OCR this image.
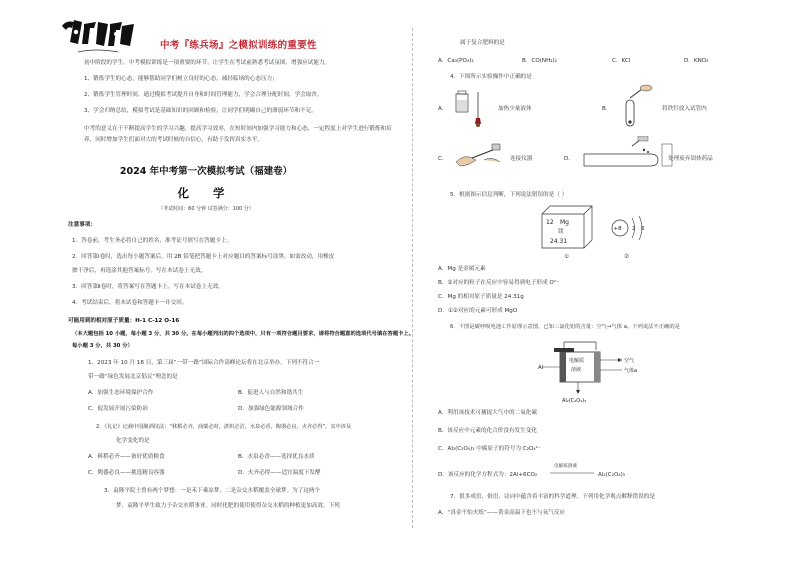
中考『练兵场』之模拟训练的重要性
初中阶段的学生，中考模拟训练是一项重要的环节，让学生在考试前熟悉考试氛围，增强应试能力。
1、锻炼学生的心态，能够帮助同学们树立良好的心态，减轻临场的心态压力；
2、锻炼学生管理时间。通过模拟考试提升自身和时间管理能力，学会合理分配时间，学会取舍。
3、学会归纳总结，模拟考试是基础知识的回顾和检验，让同学们明确自己的薄弱环节和不足。
中考的意义在于不断提高学生的学习兴趣，提高学习效率，在短时间内加强学习能力和心态，一定程度上对学生进行锻炼和培养，同时增加学生们面对大的考试时候的自信心，有助于发挥真实水平。
2024 年中考第一次模拟考试（福建卷）
化 学
（考试时间：60 分钟 试卷满分：100 分）
注意事项：
1．答卷前，考生务必将自己的姓名、准考证号填写在答题卡上。
2．回答第Ⅰ卷时，选出每小题答案后，用 2B 铅笔把答题卡上对应题目的答案标号涂黑。如需改动，用橡皮
擦干净后，再选涂其他答案标号。写在本试卷上无效。
3．回答第Ⅱ卷时，将答案写在答题卡上。写在本试卷上无效。
4．考试结束后，将本试卷和答题卡一并交回。
可能用到的相对原子质量：H-1 C-12 O-16
（本大题包括 10 小题，每小题 3 分，共 30 分。在每小题列出的四个选项中，只有一项符合题目要求，请将符合题意的选项代号填在答题卡上。
每小题 3 分，共 30 分）
1．2023 年 10 月 18 日，第三届“一带一路”国际合作高峰论坛将在北京举办。下列不符合一
带一路“绿色发展北京倡议”理念的是
A．加强生态环境保护合作	B．促进人与自然和谐共生
C．促发展开展污染防治	D．加强绿色能源领域合作
2．《礼记》记载中国酿酒技法：“秫稻必齐，曲蘖必时，湛炽必洁，水泉必香，陶器必良，火齐必得”。其中涉及
化学变化的是
A．秫稻必齐——备好优质粮食	B．水泉必香——选择优良水质
C．陶器必良——挑选精良容器	D．火齐必得——适宜温度下发酵
3．袁隆平院士曾有两个梦想：一是禾下乘凉梦，二是杂交水稻覆盖全球梦。为了这两个
梦，袁隆平毕生致力于杂交水稻事业。同时化肥的使用使得杂交水稻的种植更加高效。下列
属于复合肥料的是
A．Ca₃(PO₄)₂	B．CO(NH₂)₂	C．KCl	D．KNO₃
4．下图所示实验操作中正确的是
A．	加热少量液体	B．	将铁钉放入试管内
C．	连接仪器	D．	处理废弃固体药品
5．根据图示信息判断，下列说法错误的是（ ）
12 Mg
镁
24.31
①
+8 2 6
②
A．Mg 是金属元素
B．②对应的粒子在反应中容易得到电子形成 O²⁻
C．Mg 的相对原子质量是 24.31g
D．①②对应的元素可形成 MgO
6．下图是碳呼吸电池工作原理示意图，已知三氯化铝的含量：空气→气体 a。下列说法不正确的是
Al
电解质
溶液
空气
气体a
Al₂(C₂O₄)₃
A．利用该技术可捕捉大气中的二氧化碳
B．该反应中元素的化合价没有发生变化
C．Al₂(C₂O₄)₃ 中碳原子的符号为 C₂O₄²⁻
D．该反应的化学方程式为：2Al+6CO₂	Al₂(C₂O₄)₃
电解质溶液
7．很多成语、俗语、诗词中蕴含着丰富的科学道理。下列用化学观点解释错误的是
A．“真金不怕火炼”——黄金高温下也不与氧气反应
